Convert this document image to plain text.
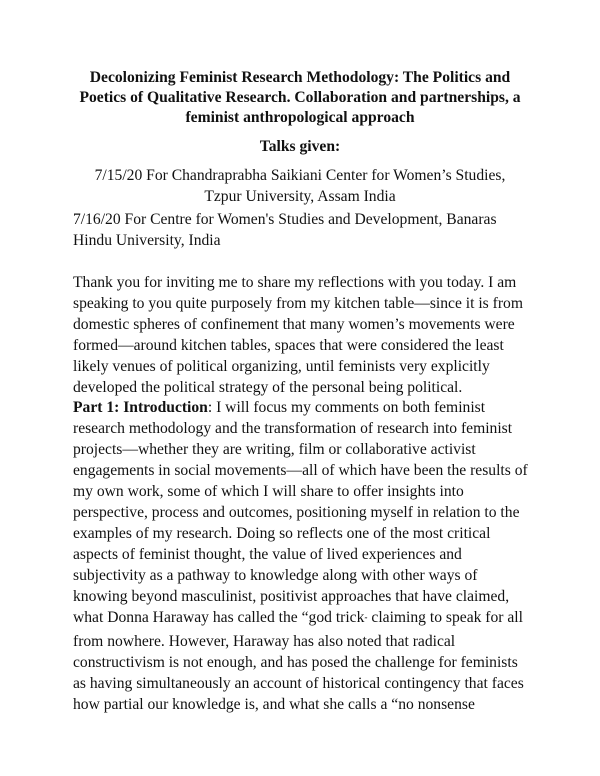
Decolonizing Feminist Research Methodology: The Politics and
Poetics of Qualitative Research. Collaboration and partnerships, a
feminist anthropological approach
Talks given:

7/15/20 For Chandraprabha Saikiani Center for Women’s Studies,
Tzpur University, Assam India

7/16/20 For Centre for Women's Studies and Development, Banaras
Hindu University, India

Thank you for inviting me to share my reflections with you today. I am
speaking to you quite purposely from my kitchen table—since it is from
domestic spheres of confinement that many women’s movements were
formed—around kitchen tables, spaces that were considered the least
likely venues of political organizing, until feminists very explicitly
developed the political strategy of the personal being political.

Part 1: Introduction: I will focus my comments on both feminist
research methodology and the transformation of research into feminist
projects—whether they are writing, film or collaborative activist
engagements in social movements—all of which have been the results of
my own work, some of which I will share to offer insights into
perspective, process and outcomes, positioning myself in relation to the
examples of my research. Doing so reflects one of the most critical
aspects of feminist thought, the value of lived experiences and
subjectivity as a pathway to knowledge along with other ways of
knowing beyond masculinist, positivist approaches that have claimed,
what Donna Haraway has called the “god trick” claiming to speak for all
from nowhere. However, Haraway has also noted that radical
constructivism is not enough, and has posed the challenge for feminists
as having simultaneously an account of historical contingency that faces
how partial our knowledge is, and what she calls a “no nonsense
